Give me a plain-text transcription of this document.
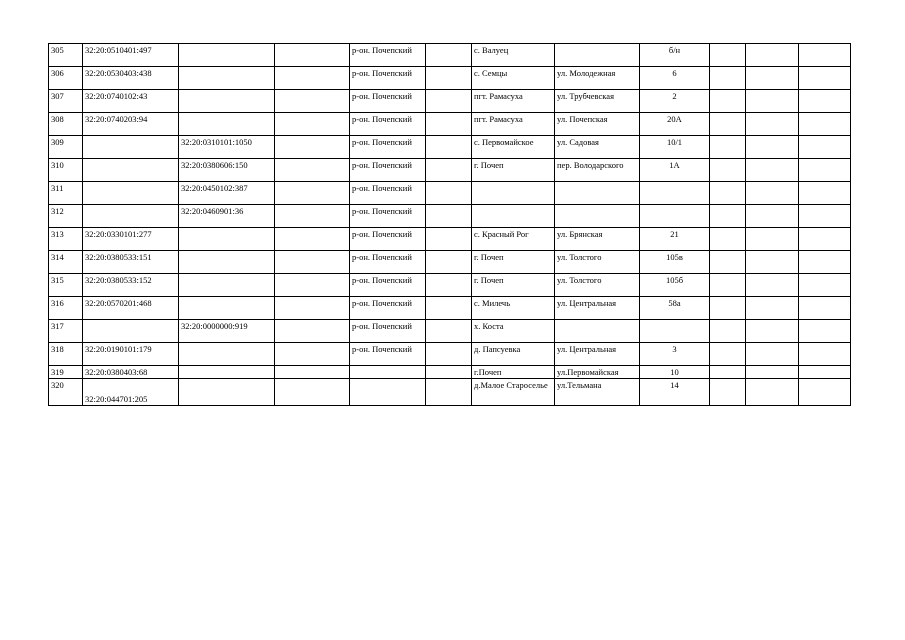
305	32:20:0510401:497			р-он. Почепский		с. Валуец		б/н			
306	32:20:0530403:438			р-он. Почепский		с. Семцы	ул. Молодежная	6			
307	32:20:0740102:43			р-он. Почепский		пгт. Рамасуха	ул. Трубчевская	2			
308	32:20:0740203:94			р-он. Почепский		пгт. Рамасуха	ул. Почепская	20А			
309		32:20:0310101:1050		р-он. Почепский		с. Первомайское	ул. Садовая	10/1			
310		32:20:0380606:150		р-он. Почепский		г. Почеп	пер. Володарского	1А			
311		32:20:0450102:387		р-он. Почепский							
312		32:20:0460901:36		р-он. Почепский							
313	32:20:0330101:277			р-он. Почепский		с. Красный Рог	ул. Брянская	21			
314	32:20:0380533:151			р-он. Почепский		г. Почеп	ул. Толстого	105в			
315	32:20:0380533:152			р-он. Почепский		г. Почеп	ул. Толстого	105б			
316	32:20:0570201:468			р-он. Почепский		с. Милечь	ул. Центральная	58а			
317		32:20:0000000:919		р-он. Почепский		х. Коста					
318	32:20:0190101:179			р-он. Почепский		д. Папсуевка	ул. Центральная	3			
319	32:20:0380403:68					г.Почеп	ул.Первомайская	10			
320	32:20:044701:205					д.Малое Староселье	ул.Тельмана	14			
